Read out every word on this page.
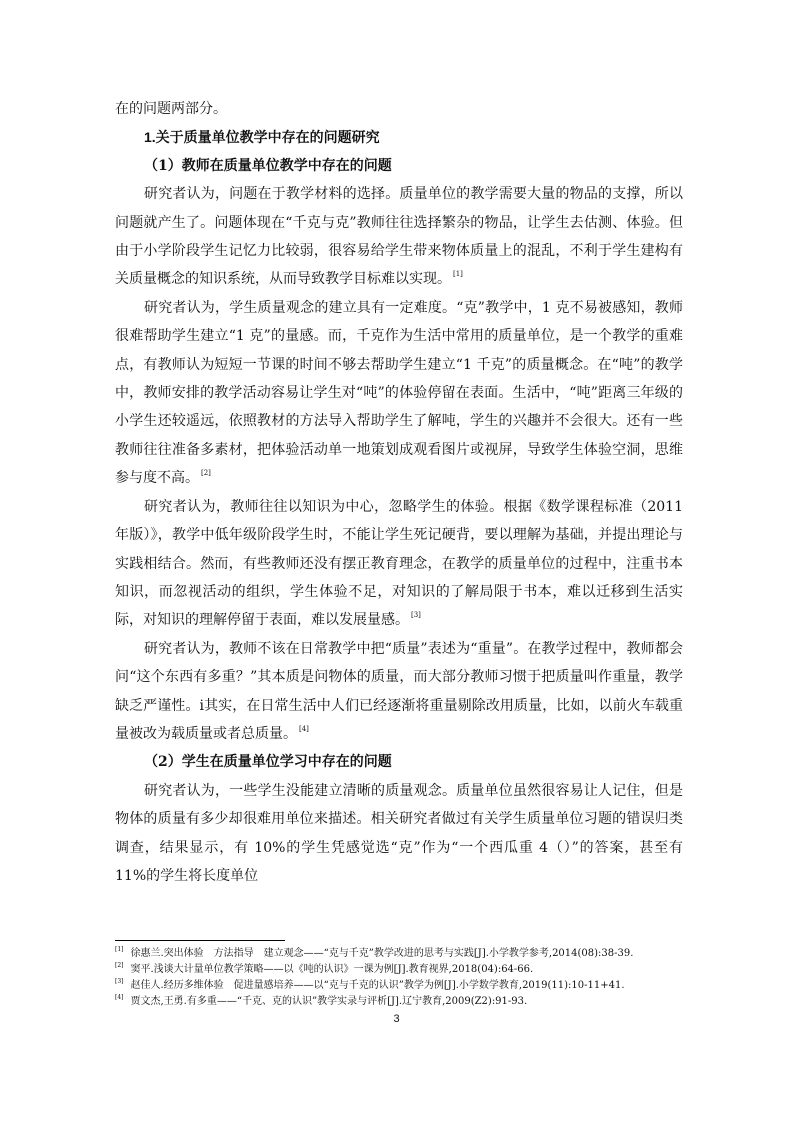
在的问题两部分。

1.关于质量单位教学中存在的问题研究

（1）教师在质量单位教学中存在的问题

研究者认为，问题在于教学材料的选择。质量单位的教学需要大量的物品的支撑，所以问题就产生了。问题体现在“千克与克”教师往往选择繁杂的物品，让学生去估测、体验。但由于小学阶段学生记忆力比较弱，很容易给学生带来物体质量上的混乱，不利于学生建构有关质量概念的知识系统，从而导致教学目标难以实现。 [1]

研究者认为，学生质量观念的建立具有一定难度。“克”教学中，1 克不易被感知，教师很难帮助学生建立“1 克”的量感。而，千克作为生活中常用的质量单位，是一个教学的重难点，有教师认为短短一节课的时间不够去帮助学生建立“1 千克”的质量概念。在“吨”的教学中，教师安排的教学活动容易让学生对“吨”的体验停留在表面。生活中，“吨”距离三年级的小学生还较遥远，依照教材的方法导入帮助学生了解吨，学生的兴趣并不会很大。还有一些教师往往准备多素材，把体验活动单一地策划成观看图片或视屏，导致学生体验空洞，思维参与度不高。 [2]

研究者认为，教师往往以知识为中心，忽略学生的体验。根据《数学课程标准（2011 年版）》，教学中低年级阶段学生时，不能让学生死记硬背，要以理解为基础，并提出理论与实践相结合。然而，有些教师还没有摆正教育理念，在教学的质量单位的过程中，注重书本知识，而忽视活动的组织，学生体验不足，对知识的了解局限于书本，难以迁移到生活实际，对知识的理解停留于表面，难以发展量感。 [3]

研究者认为，教师不该在日常教学中把“质量”表述为“重量”。在教学过程中，教师都会问“这个东西有多重？”其本质是问物体的质量，而大部分教师习惯于把质量叫作重量，教学缺乏严谨性。i其实，在日常生活中人们已经逐渐将重量剔除改用质量，比如，以前火车载重量被改为载质量或者总质量。 [4]

（2）学生在质量单位学习中存在的问题

研究者认为，一些学生没能建立清晰的质量观念。质量单位虽然很容易让人记住，但是物体的质量有多少却很难用单位来描述。相关研究者做过有关学生质量单位习题的错误归类调查，结果显示，有 10%的学生凭感觉选“克”作为“一个西瓜重 4（）”的答案，甚至有 11%的学生将长度单位

[1] 徐惠兰.突出体验　方法指导　建立观念——“克与千克”教学改进的思考与实践[J].小学教学参考,2014(08):38-39.

[2] 窦平.浅谈大计量单位教学策略——以《吨的认识》一课为例[J].教育视界,2018(04):64-66.

[3] 赵佳人.经历多维体验　促进量感培养——以“克与千克的认识”教学为例[J].小学数学教育,2019(11):10-11+41.

[4] 贾文杰,王勇.有多重——“千克、克的认识”教学实录与评析[J].辽宁教育,2009(Z2):91-93.

3
